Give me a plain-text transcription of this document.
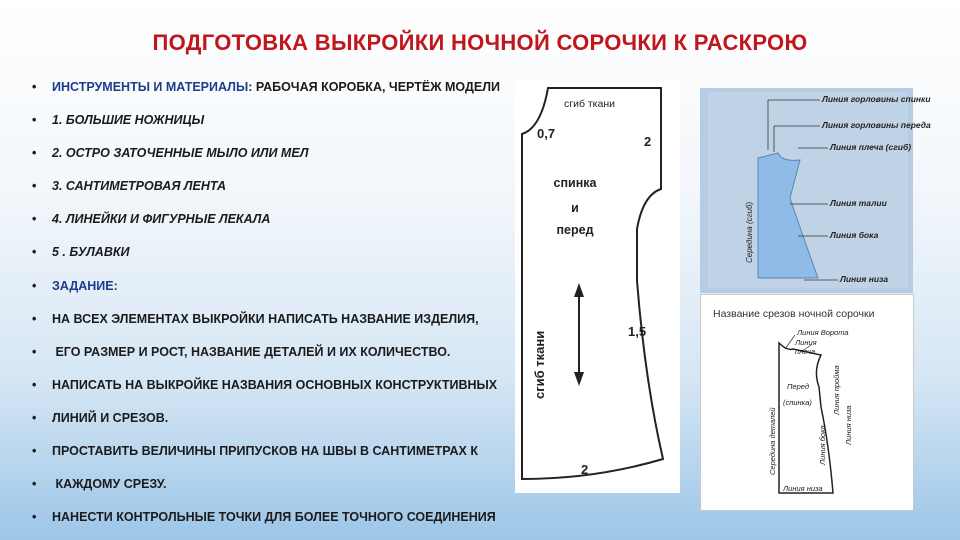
ПОДГОТОВКА ВЫКРОЙКИ НОЧНОЙ СОРОЧКИ К РАСКРОЮ
• ИНСТРУМЕНТЫ И МАТЕРИАЛЫ: РАБОЧАЯ КОРОБКА, ЧЕРТЁЖ МОДЕЛИ
• 1. БОЛЬШИЕ НОЖНИЦЫ
• 2. ОСТРО ЗАТОЧЕННЫЕ МЫЛО ИЛИ МЕЛ
• 3. САНТИМЕТРОВАЯ ЛЕНТА
• 4. ЛИНЕЙКИ И ФИГУРНЫЕ ЛЕКАЛА
• 5 . БУЛАВКИ
• ЗАДАНИЕ:
• НА ВСЕХ ЭЛЕМЕНТАХ ВЫКРОЙКИ НАПИСАТЬ НАЗВАНИЕ ИЗДЕЛИЯ,
• ЕГО РАЗМЕР И РОСТ, НАЗВАНИЕ ДЕТАЛЕЙ И ИХ КОЛИЧЕСТВО.
• НАПИСАТЬ НА ВЫКРОЙКЕ НАЗВАНИЯ ОСНОВНЫХ КОНСТРУКТИВНЫХ
• ЛИНИЙ И СРЕЗОВ.
• ПРОСТАВИТЬ ВЕЛИЧИНЫ ПРИПУСКОВ НА ШВЫ В САНТИМЕТРАХ К
• КАЖДОМУ СРЕЗУ.
• НАНЕСТИ КОНТРОЛЬНЫЕ ТОЧКИ ДЛЯ БОЛЕЕ ТОЧНОГО СОЕДИНЕНИЯ
сгиб ткани
0,7
2
спинка
и
перед
сгиб ткани	1,5
2
Линия горловины спинки
Линия горловины переда
Линия плеча (сгиб)
Линия талии
Линия бока
Линия низа
Середина (сгиб)
Название срезов ночной сорочки
Линия Ворота
Линия
плеча
Линия пройма
Перед
(спинка)
Середина деталей	Линия бока Линия низа
Линия низа
